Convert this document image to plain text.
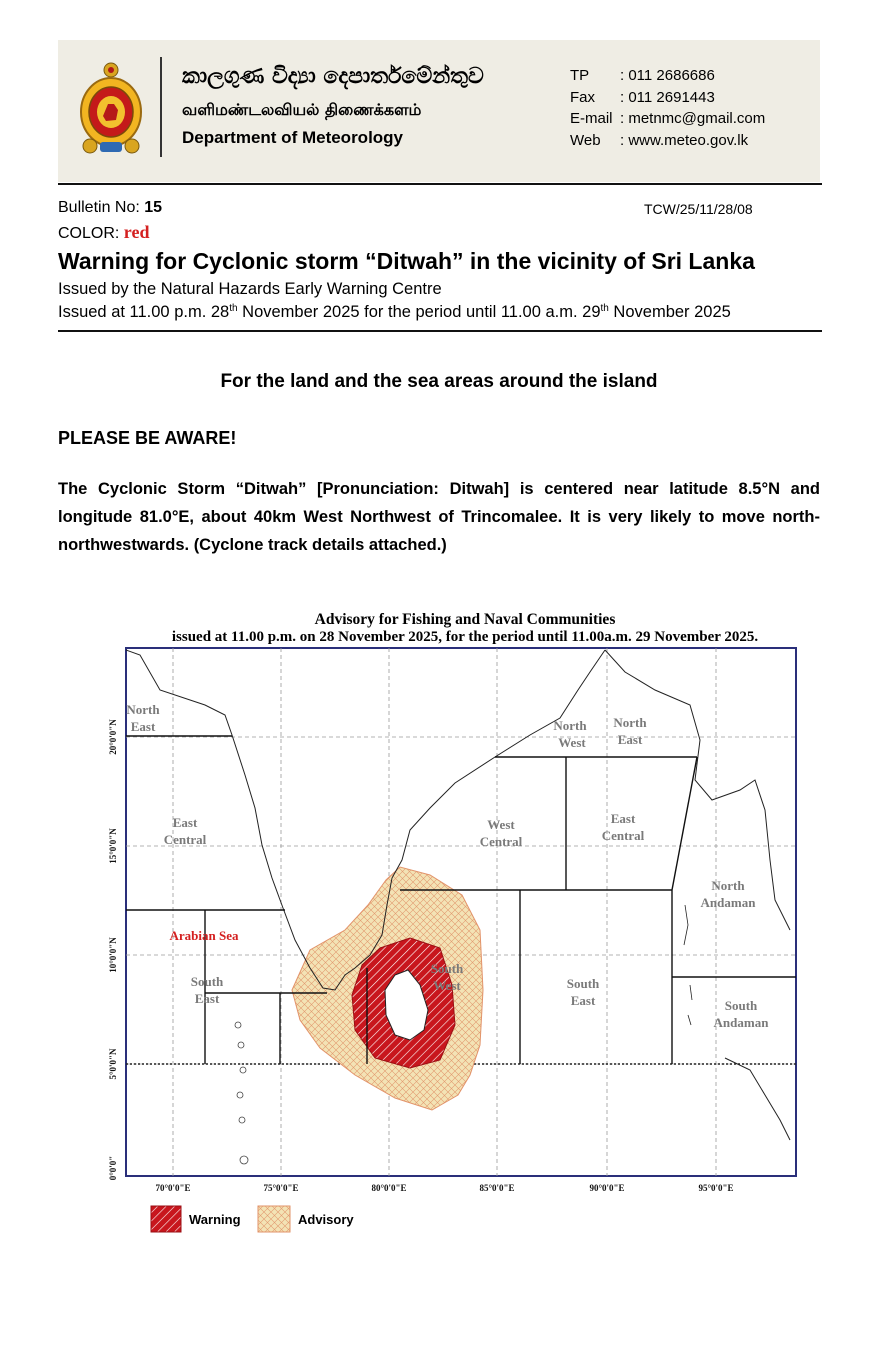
කාලගුණ විද්‍යා දෙපාර්තමේන්තුව
வளிமண்டலவியல் திணைக்களம்
Department of Meteorology
TP	: 011 2686686
Fax	: 011 2691443
E-mail : metnmc@gmail.com
Web	: www.meteo.gov.lk
Bulletin No: 15	TCW/25/11/28/08
COLOR: red
Warning for Cyclonic storm “Ditwah” in the vicinity of Sri Lanka
Issued by the Natural Hazards Early Warning Centre
Issued at 11.00 p.m. 28th November 2025 for the period until 11.00 a.m. 29th November 2025
For the land and the sea areas around the island
PLEASE BE AWARE!
The Cyclonic Storm “Ditwah” [Pronunciation: Ditwah] is centered near latitude 8.5°N and longitude 81.0°E, about 40km West Northwest of Trincomalee. It is very likely to move north-northwestwards. (Cyclone track details attached.)
Advisory for Fishing and Naval Communities
issued at 11.00 p.m. on 28 November 2025, for the period until 11.00a.m. 29 November 2025.
North
East
East
Central
South
East
North
West
North
East
West
Central
East
Central
North
Andaman
South
West	South
East	South
Andaman
Arabian Sea
70°0'0"E	75°0'0"E	80°0'0"E	85°0'0"E	90°0'0"E	95°0'0"E
0°0'0"
5°0'0"N
10°0'0"N
15°0'0"N
20°0'0"N
Warning	Advisory
